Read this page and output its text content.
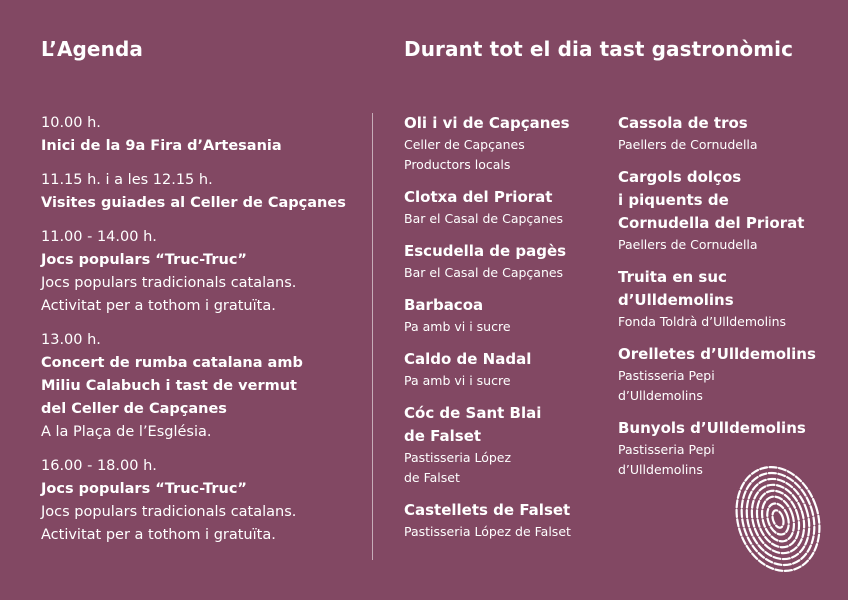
L’Agenda	Durant tot el dia tast gastronòmic
10.00 h.
Inici de la 9a Fira d’Artesania
11.15 h. i a les 12.15 h.
Visites guiades al Celler de Capçanes
11.00 - 14.00 h.
Jocs populars “Truc-Truc”
Jocs populars tradicionals catalans.
Activitat per a tothom i gratuïta.
13.00 h.
Concert de rumba catalana amb
Miliu Calabuch i tast de vermut
del Celler de Capçanes
A la Plaça de l’Església.
16.00 - 18.00 h.
Jocs populars “Truc-Truc”
Jocs populars tradicionals catalans.
Activitat per a tothom i gratuïta.
Oli i vi de Capçanes
Celler de Capçanes
Productors locals
Clotxa del Priorat
Bar el Casal de Capçanes
Escudella de pagès
Bar el Casal de Capçanes
Barbacoa
Pa amb vi i sucre
Caldo de Nadal
Pa amb vi i sucre
Cóc de Sant Blai
de Falset
Pastisseria López
de Falset
Castellets de Falset
Pastisseria López de Falset
Cassola de tros
Paellers de Cornudella
Cargols dolços
i piquents de
Cornudella del Priorat
Paellers de Cornudella
Truita en suc
d’Ulldemolins
Fonda Toldrà d’Ulldemolins
Orelletes d’Ulldemolins
Pastisseria Pepi
d’Ulldemolins
Bunyols d’Ulldemolins
Pastisseria Pepi
d’Ulldemolins
